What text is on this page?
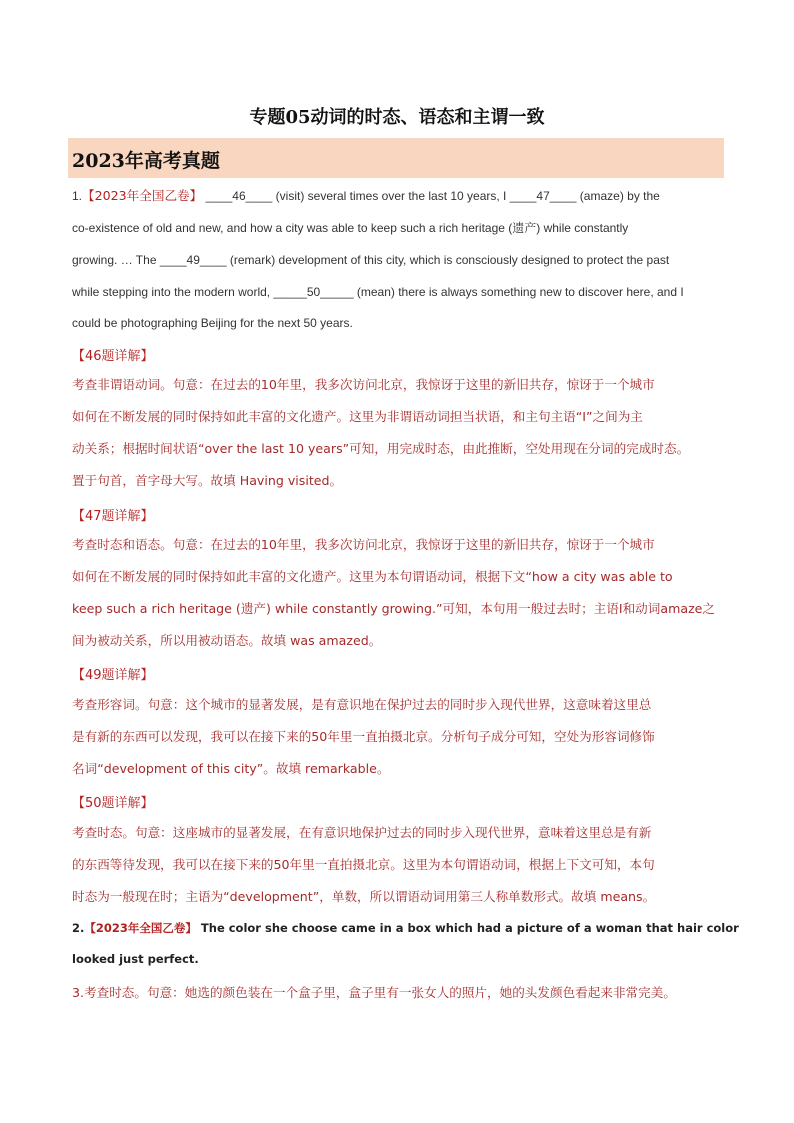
专题05动词的时态、语态和主谓一致
2023年高考真题
1.【2023年全国乙卷】 ____46____ (visit) several times over the last 10 years, I ____47____ (amaze) by the
co-existence of old and new, and how a city was able to keep such a rich heritage (遗产) while constantly
growing. … The ____49____ (remark) development of this city, which is consciously designed to protect the past
while stepping into the modern world, _____50_____ (mean) there is always something new to discover here, and I
could be photographing Beijing for the next 50 years.
【46题详解】
考查非谓语动词。句意：在过去的10年里，我多次访问北京，我惊讶于这里的新旧共存，惊讶于一个城市
如何在不断发展的同时保持如此丰富的文化遗产。这里为非谓语动词担当状语，和主句主语“I”之间为主
动关系；根据时间状语“over the last 10 years”可知，用完成时态，由此推断，空处用现在分词的完成时态。
置于句首，首字母大写。故填 Having visited。
【47题详解】
考查时态和语态。句意：在过去的10年里，我多次访问北京，我惊讶于这里的新旧共存，惊讶于一个城市
如何在不断发展的同时保持如此丰富的文化遗产。这里为本句谓语动词，根据下文“how a city was able to
keep such a rich heritage (遗产) while constantly growing.”可知，本句用一般过去时；主语I和动词amaze之
间为被动关系，所以用被动语态。故填 was amazed。
【49题详解】
考查形容词。句意：这个城市的显著发展，是有意识地在保护过去的同时步入现代世界，这意味着这里总
是有新的东西可以发现，我可以在接下来的50年里一直拍摄北京。分析句子成分可知，空处为形容词修饰
名词“development of this city”。故填 remarkable。
【50题详解】
考查时态。句意：这座城市的显著发展，在有意识地保护过去的同时步入现代世界，意味着这里总是有新
的东西等待发现，我可以在接下来的50年里一直拍摄北京。这里为本句谓语动词，根据上下文可知，本句
时态为一般现在时；主语为“development”，单数，所以谓语动词用第三人称单数形式。故填 means。
2.【2023年全国乙卷】 The color she choose came in a box which had a picture of a woman that hair color
looked just perfect.
3.考查时态。句意：她选的颜色装在一个盒子里，盒子里有一张女人的照片，她的头发颜色看起来非常完美。
